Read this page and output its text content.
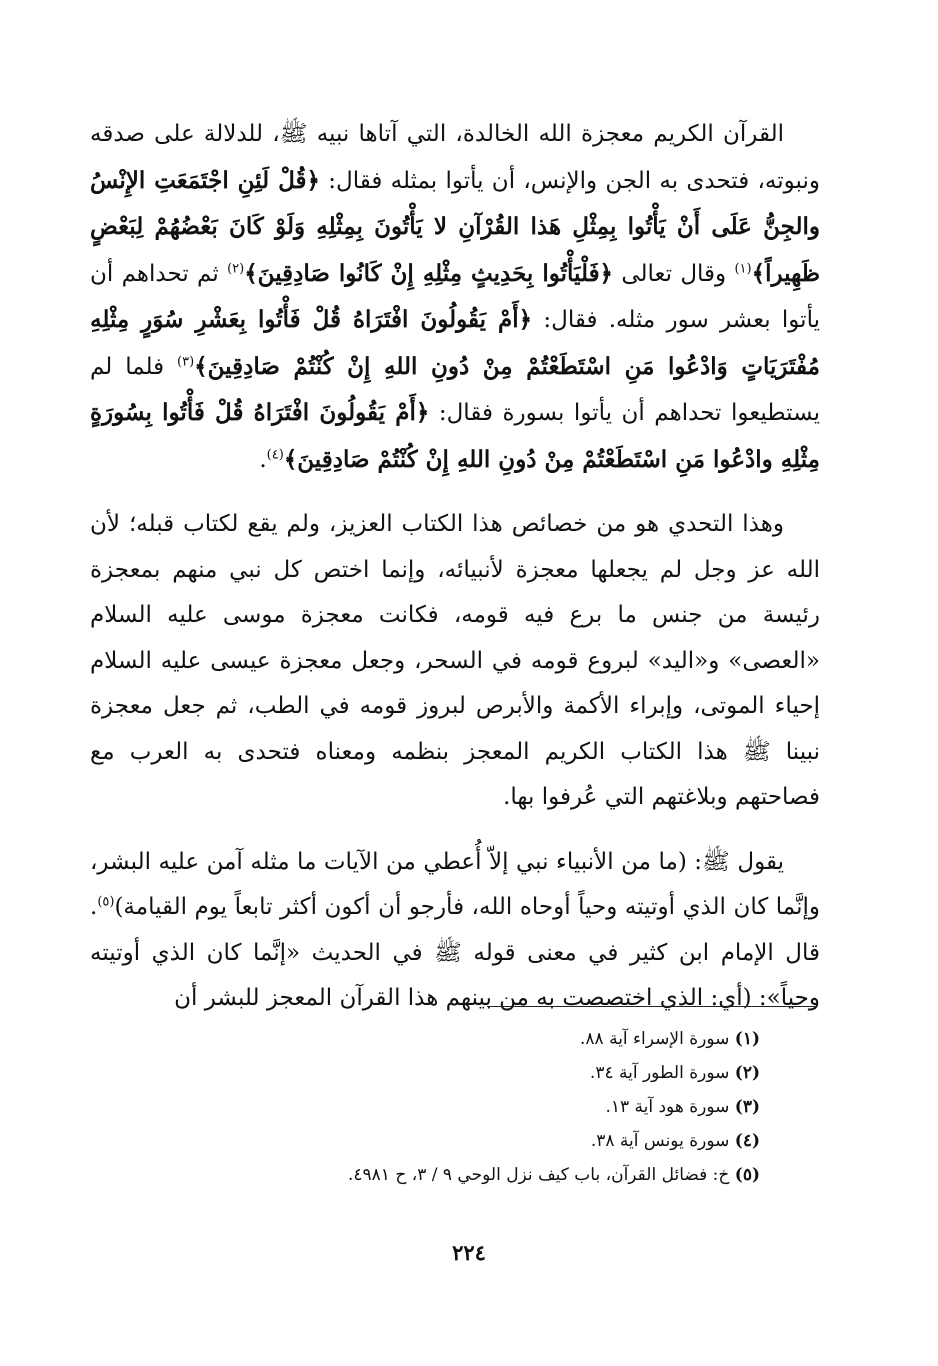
القرآن الكريم معجزة الله الخالدة، التي آتاها نبيه ﷺ، للدلالة على صدقه ونبوته، فتحدى به الجن والإنس، أن يأتوا بمثله فقال: ﴿قُلْ لَئِنِ اجْتَمَعَتِ الإِنْسُ والجِنُّ عَلَى أَنْ يَأْتُوا بِمِثْلِ هَذا القُرْآنِ لا يَأْتُونَ بِمِثْلِهِ وَلَوْ كَانَ بَعْضُهُمْ لِبَعْضٍ ظَهِيراً﴾$^{(١)}$ وقال تعالى ﴿فَلْيَأْتُوا بِحَدِيثٍ مِثْلِهِ إِنْ كَانُوا صَادِقِينَ﴾$^{(٢)}$ ثم تحداهم أن يأتوا بعشر سور مثله. فقال: ﴿أَمْ يَقُولُونَ افْتَرَاهُ قُلْ فَأْتُوا بِعَشْرِ سُوَرٍ مِثْلِهِ مُفْتَرَيَاتٍ وَادْعُوا مَنِ اسْتَطَعْتُمْ مِنْ دُونِ اللهِ إِنْ كُنْتُمْ صَادِقِينَ﴾$^{(٣)}$ فلما لم يستطيعوا تحداهم أن يأتوا بسورة فقال: ﴿أَمْ يَقُولُونَ افْتَرَاهُ قُلْ فَأْتُوا بِسُورَةٍ مِثْلِهِ وادْعُوا مَنِ اسْتَطَعْتُمْ مِنْ دُونِ اللهِ إِنْ كُنْتُمْ صَادِقِينَ﴾$^{(٤)}$.

وهذا التحدي هو من خصائص هذا الكتاب العزيز، ولم يقع لكتاب قبله؛ لأن الله عز وجل لم يجعلها معجزة لأنبيائه، وإنما اختص كل نبي منهم بمعجزة رئيسة من جنس ما برع فيه قومه، فكانت معجزة موسى عليه السلام «العصى» و«اليد» لبروع قومه في السحر، وجعل معجزة عيسى عليه السلام إحياء الموتى، وإبراء الأكمة والأبرص لبروز قومه في الطب، ثم جعل معجزة نبينا ﷺ هذا الكتاب الكريم المعجز بنظمه ومعناه فتحدى به العرب مع فصاحتهم وبلاغتهم التي عُرفوا بها.

يقول ﷺ: (ما من الأنبياء نبي إلاّ أُعطي من الآيات ما مثله آمن عليه البشر، وإنَّما كان الذي أوتيته وحياً أوحاه الله، فأرجو أن أكون أكثر تابعاً يوم القيامة)$^{(٥)}$. قال الإمام ابن كثير في معنى قوله ﷺ في الحديث «إنَّما كان الذي أوتيته وحياً»: (أي: الذي اختصصت به من بينهم هذا القرآن المعجز للبشر أن

(١) سورة الإسراء آية ٨٨.

(٢) سورة الطور آية ٣٤.

(٣) سورة هود آية ١٣.

(٤) سورة يونس آية ٣٨.

(٥) خ: فضائل القرآن، باب كيف نزل الوحي ٩ / ٣، ح ٤٩٨١.

٢٢٤
